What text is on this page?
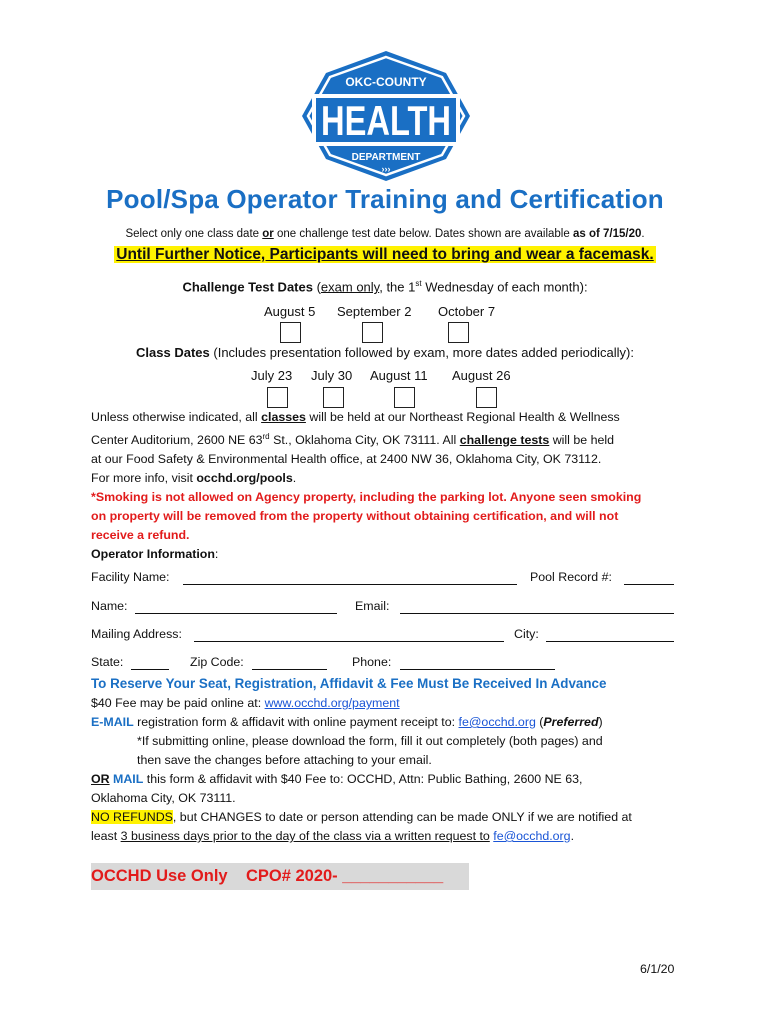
OKC-COUNTY
HEALTH
DEPARTMENT
›››
Pool/Spa Operator Training and Certification
Select only one class date or one challenge test date below. Dates shown are available as of 7/15/20.
Until Further Notice, Participants will need to bring and wear a facemask.
Challenge Test Dates (exam only, the 1st Wednesday of each month):
August 5 September 2 October 7
Class Dates (Includes presentation followed by exam, more dates added periodically):
July 23 July 30 August 11 August 26
Unless otherwise indicated, all classes will be held at our Northeast Regional Health & Wellness
Center Auditorium, 2600 NE 63rd St., Oklahoma City, OK 73111. All challenge tests will be held
at our Food Safety & Environmental Health office, at 2400 NW 36, Oklahoma City, OK 73112.
For more info, visit occhd.org/pools.
*Smoking is not allowed on Agency property, including the parking lot. Anyone seen smoking
on property will be removed from the property without obtaining certification, and will not
receive a refund.
Operator Information:
Facility Name:	Pool Record #:
Name:	Email:
Mailing Address:	City:
State:	Zip Code:	Phone:
To Reserve Your Seat, Registration, Affidavit & Fee Must Be Received In Advance
$40 Fee may be paid online at: www.occhd.org/payment
E-MAIL registration form & affidavit with online payment receipt to: fe@occhd.org (Preferred)
*If submitting online, please download the form, fill it out completely (both pages) and
then save the changes before attaching to your email.
OR MAIL this form & affidavit with $40 Fee to: OCCHD, Attn: Public Bathing, 2600 NE 63,
Oklahoma City, OK 73111.
NO REFUNDS, but CHANGES to date or person attending can be made ONLY if we are notified at
least 3 business days prior to the day of the class via a written request to fe@occhd.org.
OCCHD Use Only CPO# 2020- ___________
6/1/20
